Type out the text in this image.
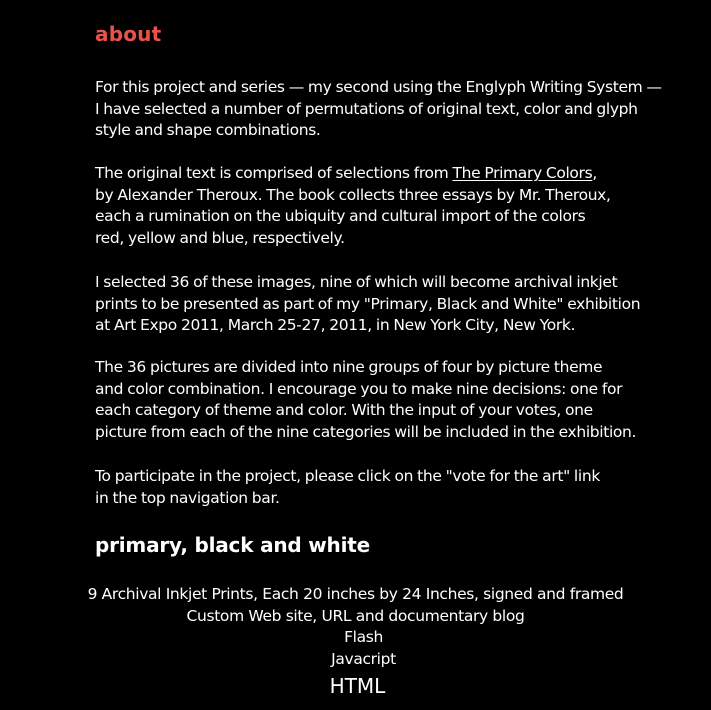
about

For this project and series — my second using the Englyph Writing System —
I have selected a number of permutations of original text, color and glyph
style and shape combinations.

The original text is comprised of selections from The Primary Colors,
by Alexander Theroux. The book collects three essays by Mr. Theroux,
each a rumination on the ubiquity and cultural import of the colors
red, yellow and blue, respectively.

I selected 36 of these images, nine of which will become archival inkjet
prints to be presented as part of my "Primary, Black and White" exhibition
at Art Expo 2011, March 25-27, 2011, in New York City, New York.

The 36 pictures are divided into nine groups of four by picture theme
and color combination. I encourage you to make nine decisions: one for
each category of theme and color. With the input of your votes, one
picture from each of the nine categories will be included in the exhibition.

To participate in the project, please click on the "vote for the art" link
in the top navigation bar.

primary, black and white
9 Archival Inkjet Prints, Each 20 inches by 24 Inches, signed and framed
Custom Web site, URL and documentary blog
Flash
Javacript
HTML
